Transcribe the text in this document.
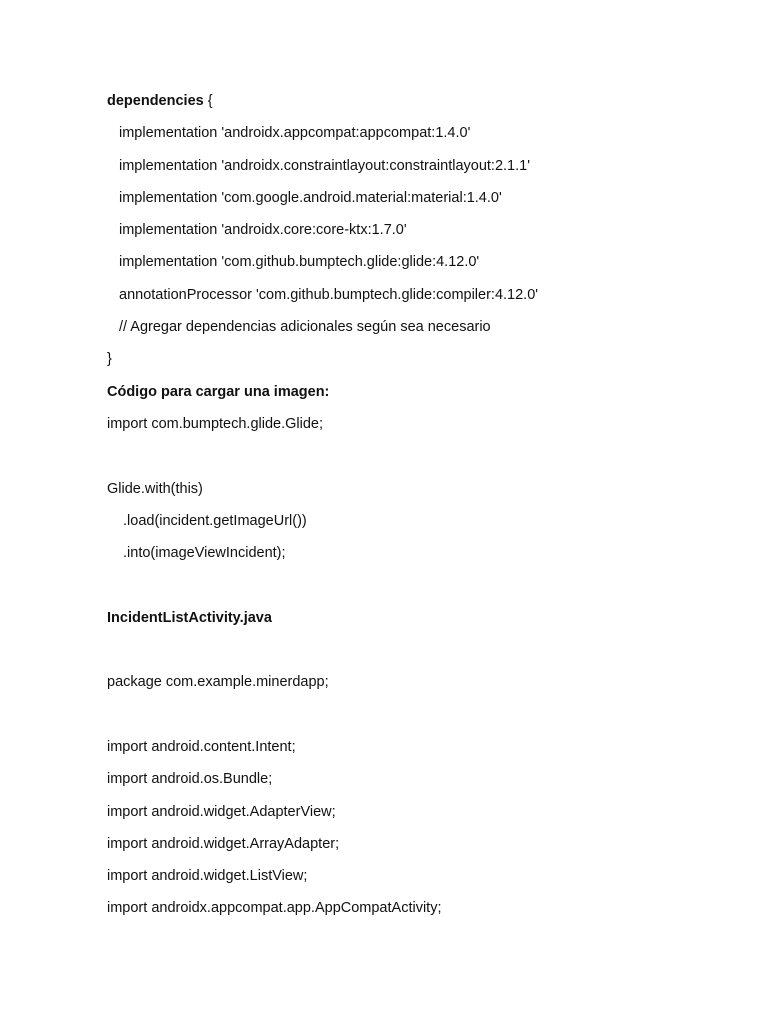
dependencies {
implementation 'androidx.appcompat:appcompat:1.4.0'
implementation 'androidx.constraintlayout:constraintlayout:2.1.1'
implementation 'com.google.android.material:material:1.4.0'
implementation 'androidx.core:core-ktx:1.7.0'
implementation 'com.github.bumptech.glide:glide:4.12.0'
annotationProcessor 'com.github.bumptech.glide:compiler:4.12.0'
// Agregar dependencias adicionales según sea necesario
}
Código para cargar una imagen:
import com.bumptech.glide.Glide;
Glide.with(this)
.load(incident.getImageUrl())
.into(imageViewIncident);
IncidentListActivity.java
package com.example.minerdapp;
import android.content.Intent;
import android.os.Bundle;
import android.widget.AdapterView;
import android.widget.ArrayAdapter;
import android.widget.ListView;
import androidx.appcompat.app.AppCompatActivity;
